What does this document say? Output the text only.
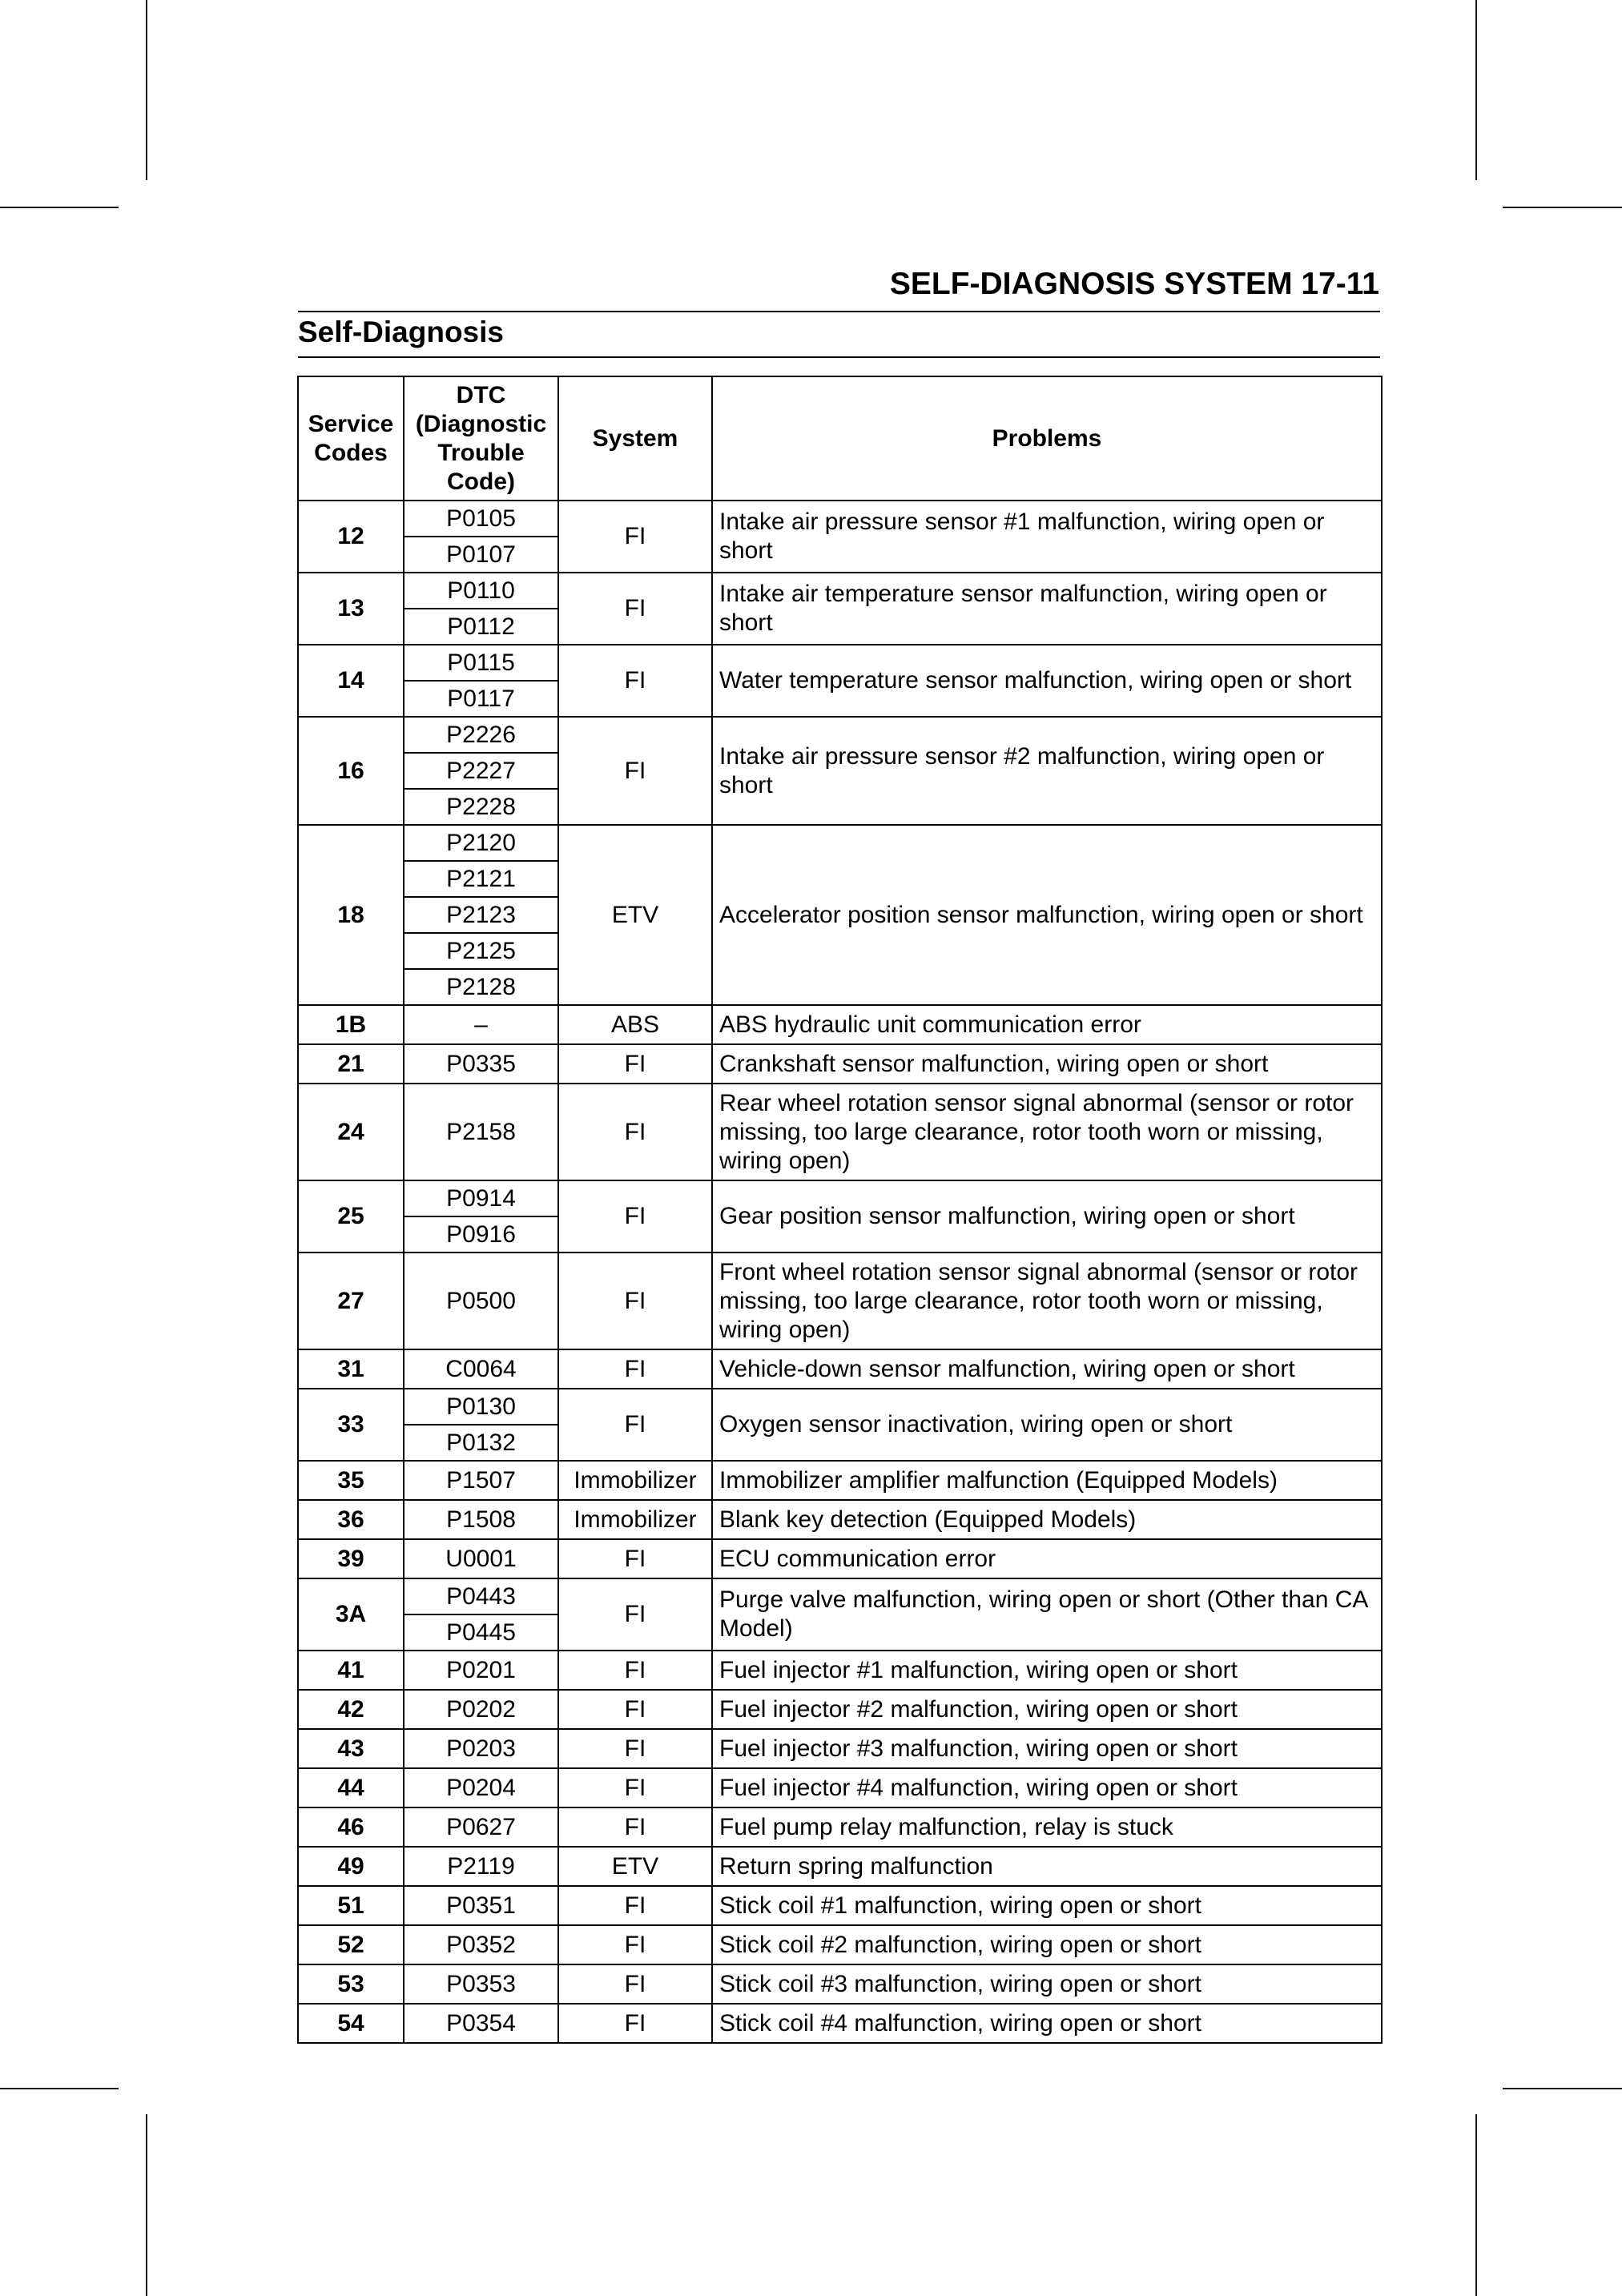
SELF-DIAGNOSIS SYSTEM 17-11
Self-Diagnosis
Service Codes	DTC (Diagnostic Trouble Code)	System	Problems
12	P0105	FI	Intake air pressure sensor #1 malfunction, wiring open or short
	P0107		
13	P0110	FI	Intake air temperature sensor malfunction, wiring open or short
	P0112		
14	P0115	FI	Water temperature sensor malfunction, wiring open or short
	P0117		
16	P2226	FI	Intake air pressure sensor #2 malfunction, wiring open or short
	P2227		
	P2228		
18	P2120	ETV	Accelerator position sensor malfunction, wiring open or short
	P2121		
	P2123		
	P2125		
	P2128		
1B	–	ABS	ABS hydraulic unit communication error
21	P0335	FI	Crankshaft sensor malfunction, wiring open or short
24	P2158	FI	Rear wheel rotation sensor signal abnormal (sensor or rotor missing, too large clearance, rotor tooth worn or missing, wiring open)
25	P0914	FI	Gear position sensor malfunction, wiring open or short
	P0916		
27	P0500	FI	Front wheel rotation sensor signal abnormal (sensor or rotor missing, too large clearance, rotor tooth worn or missing, wiring open)
31	C0064	FI	Vehicle-down sensor malfunction, wiring open or short
33	P0130	FI	Oxygen sensor inactivation, wiring open or short
	P0132		
35	P1507	Immobilizer	Immobilizer amplifier malfunction (Equipped Models)
36	P1508	Immobilizer	Blank key detection (Equipped Models)
39	U0001	FI	ECU communication error
3A	P0443	FI	Purge valve malfunction, wiring open or short (Other than CA Model)
	P0445		
41	P0201	FI	Fuel injector #1 malfunction, wiring open or short
42	P0202	FI	Fuel injector #2 malfunction, wiring open or short
43	P0203	FI	Fuel injector #3 malfunction, wiring open or short
44	P0204	FI	Fuel injector #4 malfunction, wiring open or short
46	P0627	FI	Fuel pump relay malfunction, relay is stuck
49	P2119	ETV	Return spring malfunction
51	P0351	FI	Stick coil #1 malfunction, wiring open or short
52	P0352	FI	Stick coil #2 malfunction, wiring open or short
53	P0353	FI	Stick coil #3 malfunction, wiring open or short
54	P0354	FI	Stick coil #4 malfunction, wiring open or short
